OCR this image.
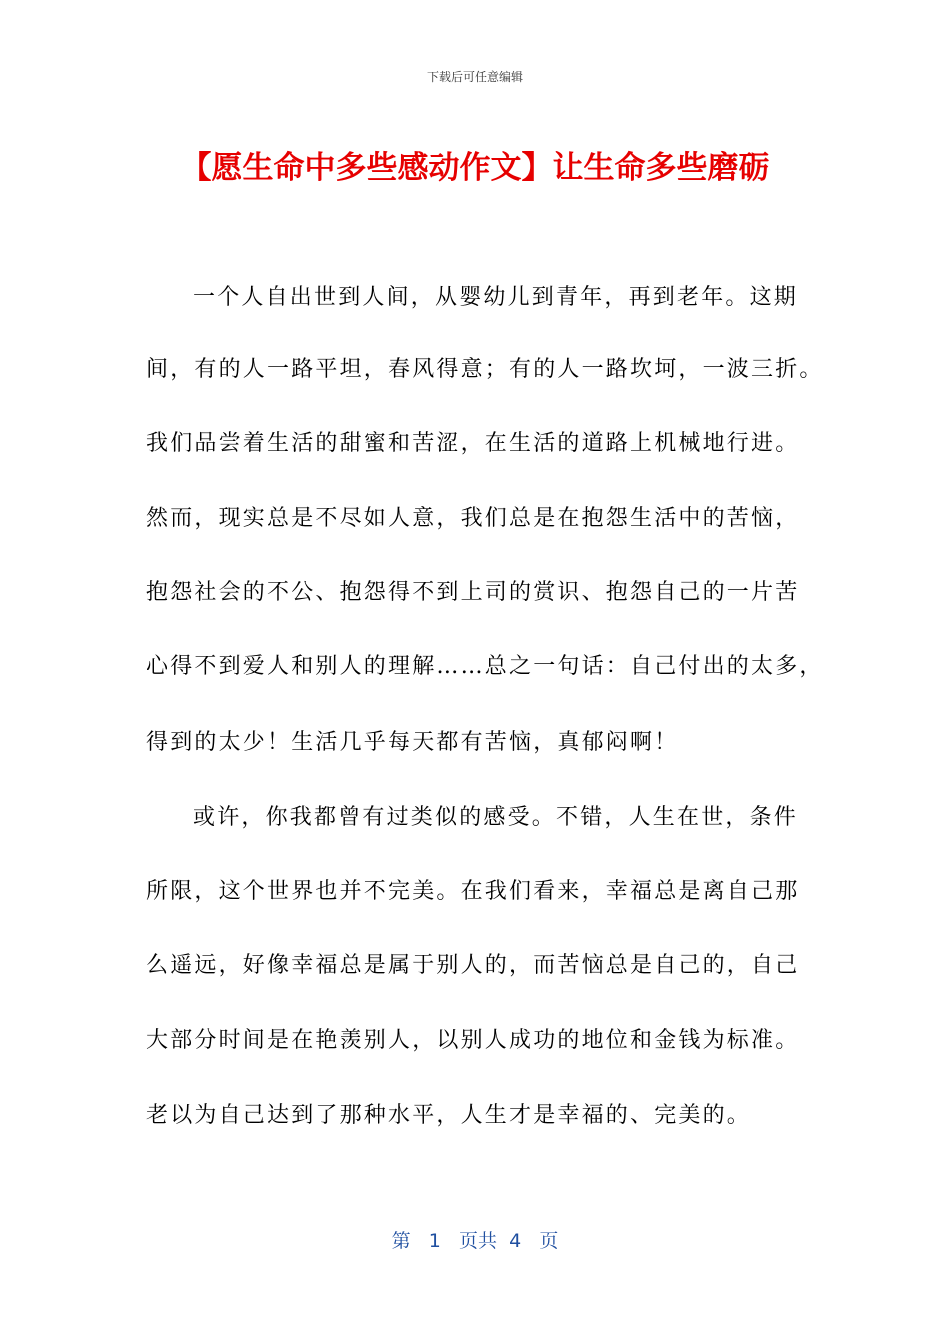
下载后可任意编辑
【愿生命中多些感动作文】让生命多些磨砺
一个人自出世到人间，从婴幼儿到青年，再到老年。这期
间，有的人一路平坦，春风得意；有的人一路坎坷，一波三折。
我们品尝着生活的甜蜜和苦涩，在生活的道路上机械地行进。
然而，现实总是不尽如人意，我们总是在抱怨生活中的苦恼，
抱怨社会的不公、抱怨得不到上司的赏识、抱怨自己的一片苦
心得不到爱人和别人的理解……总之一句话：自己付出的太多，
得到的太少！生活几乎每天都有苦恼，真郁闷啊！
或许，你我都曾有过类似的感受。不错，人生在世，条件
所限，这个世界也并不完美。在我们看来，幸福总是离自己那
么遥远，好像幸福总是属于别人的，而苦恼总是自己的，自己
大部分时间是在艳羡别人，以别人成功的地位和金钱为标准。
老以为自己达到了那种水平，人生才是幸福的、完美的。
第 1 页共 4 页
